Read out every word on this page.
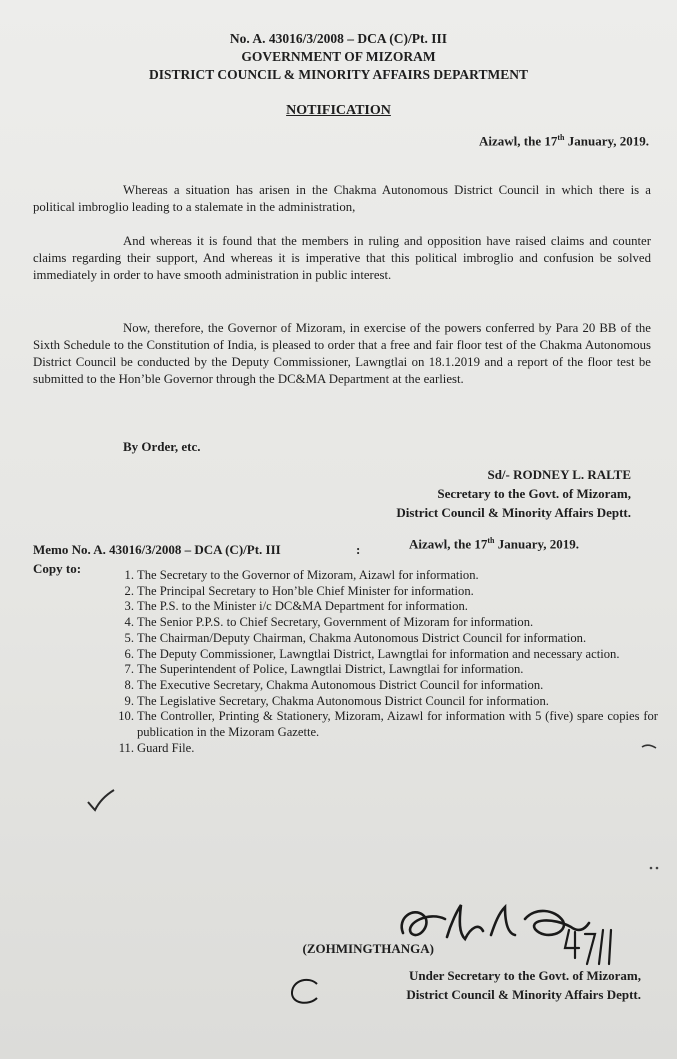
No. A. 43016/3/2008 – DCA (C)/Pt. III
GOVERNMENT OF MIZORAM
DISTRICT COUNCIL & MINORITY AFFAIRS DEPARTMENT
NOTIFICATION
Aizawl, the 17th January, 2019.
Whereas a situation has arisen in the Chakma Autonomous District Council in which there is a political imbroglio leading to a stalemate in the administration,
And whereas it is found that the members in ruling and opposition have raised claims and counter claims regarding their support, And whereas it is imperative that this political imbroglio and confusion be solved immediately in order to have smooth administration in public interest.
Now, therefore, the Governor of Mizoram, in exercise of the powers conferred by Para 20 BB of the Sixth Schedule to the Constitution of India, is pleased to order that a free and fair floor test of the Chakma Autonomous District Council be conducted by the Deputy Commissioner, Lawngtlai on 18.1.2019 and a report of the floor test be submitted to the Hon’ble Governor through the DC&MA Department at the earliest.
By Order, etc.
Sd/- RODNEY L. RALTE
Secretary to the Govt. of Mizoram,
District Council & Minority Affairs Deptt.
Memo No. A. 43016/3/2008 – DCA (C)/Pt. III	:	Aizawl, the 17th January, 2019.
Copy to:	1. The Secretary to the Governor of Mizoram, Aizawl for information.
2. The Principal Secretary to Hon’ble Chief Minister for information.
3. The P.S. to the Minister i/c DC&MA Department for information.
4. The Senior P.P.S. to Chief Secretary, Government of Mizoram for information.
5. The Chairman/Deputy Chairman, Chakma Autonomous District Council for information.
6. The Deputy Commissioner, Lawngtlai District, Lawngtlai for information and necessary action.
7. The Superintendent of Police, Lawngtlai District, Lawngtlai for information.
8. The Executive Secretary, Chakma Autonomous District Council for information.
9. The Legislative Secretary, Chakma Autonomous District Council for information.
10. The Controller, Printing & Stationery, Mizoram, Aizawl for information with 5 (five) spare copies for publication in the Mizoram Gazette.
11. Guard File.
(ZOHMINGTHANGA)
Under Secretary to the Govt. of Mizoram,
District Council & Minority Affairs Deptt.
